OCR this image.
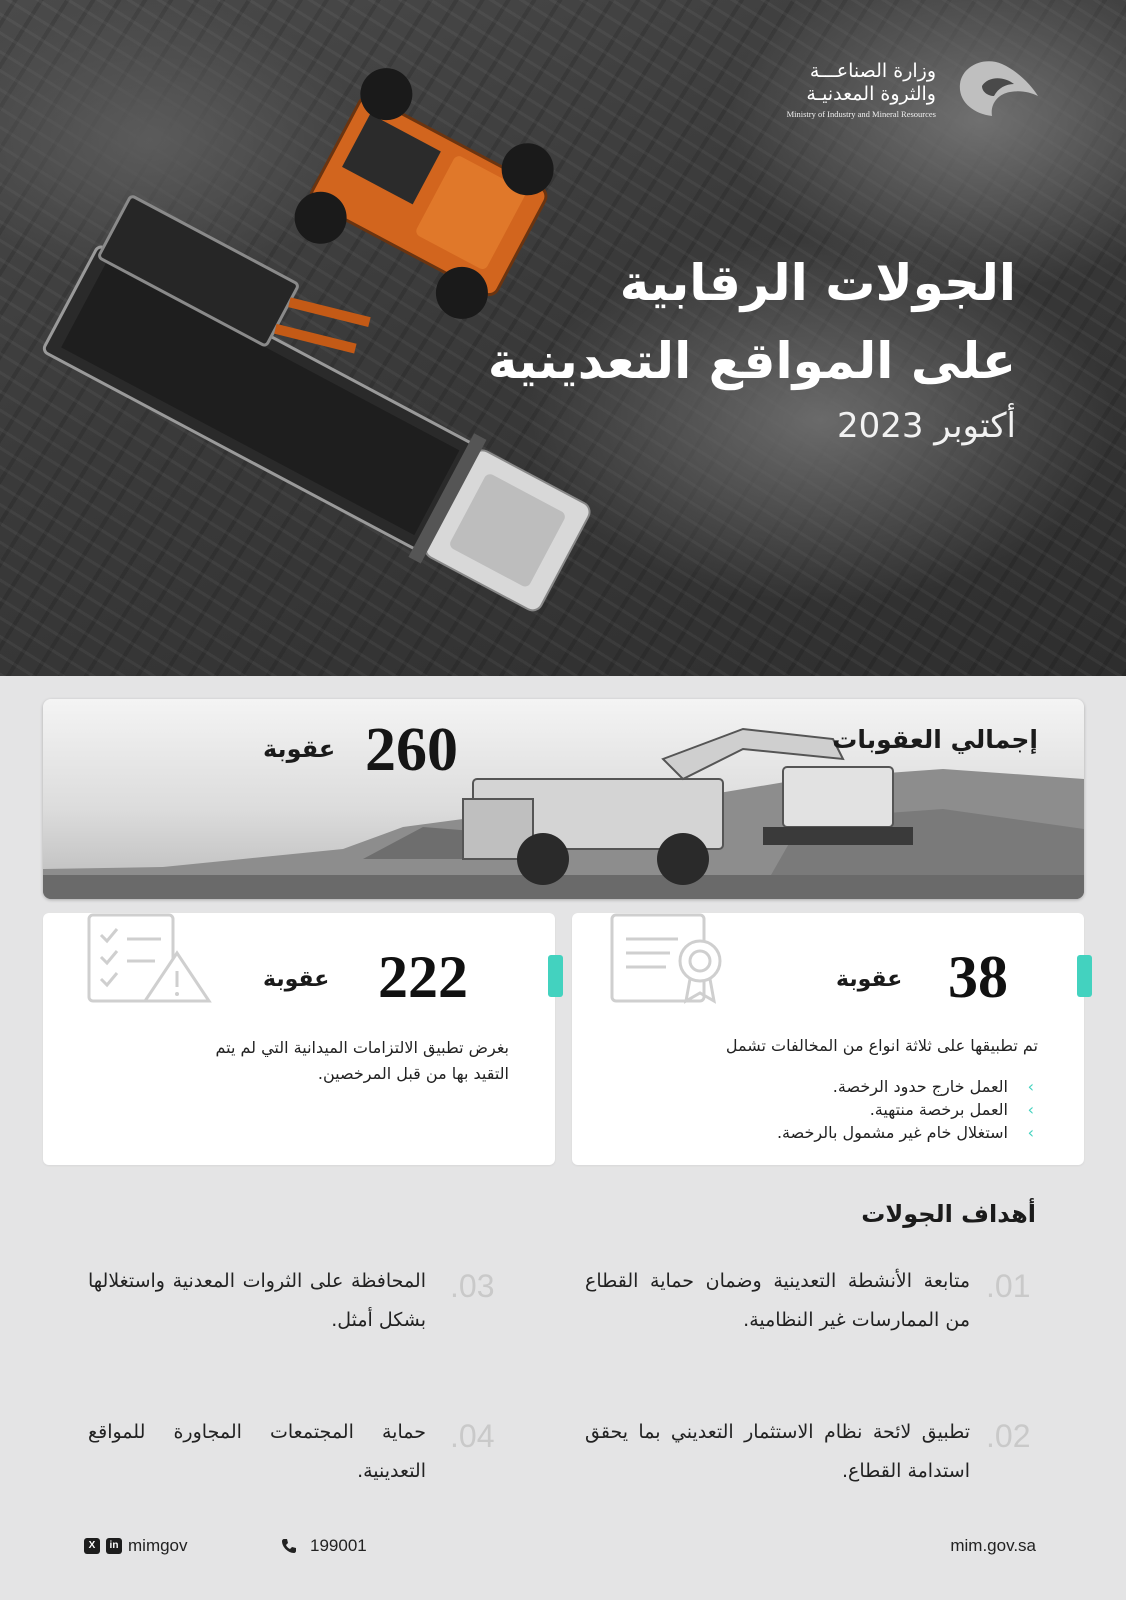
وزارة الصناعـــة
والثروة المعدنيـة
Ministry of Industry and Mineral Resources
الجولات الرقابية
على المواقع التعدينية
أكتوبر 2023
إجمالي العقوبات
260
عقوبة
222
عقوبة
بغرض تطبيق الالتزامات الميدانية التي لم يتم التقيد بها من قبل المرخصين.
38
عقوبة
تم تطبيقها على ثلاثة انواع من المخالفات تشمل
› العمل خارج حدود الرخصة.
› العمل برخصة منتهية.
› استغلال خام غير مشمول بالرخصة.
أهداف الجولات
.01
متابعة الأنشطة التعدينية وضمان حماية القطاع من الممارسات غير النظامية.
.02
تطبيق لائحة نظام الاستثمار التعديني بما يحقق استدامة القطاع.
.03
المحافظة على الثروات المعدنية واستغلالها بشكل أمثل.
.04
حماية المجتمعات المجاورة للمواقع التعدينية.
X	in mimgov	199001	mim.gov.sa
